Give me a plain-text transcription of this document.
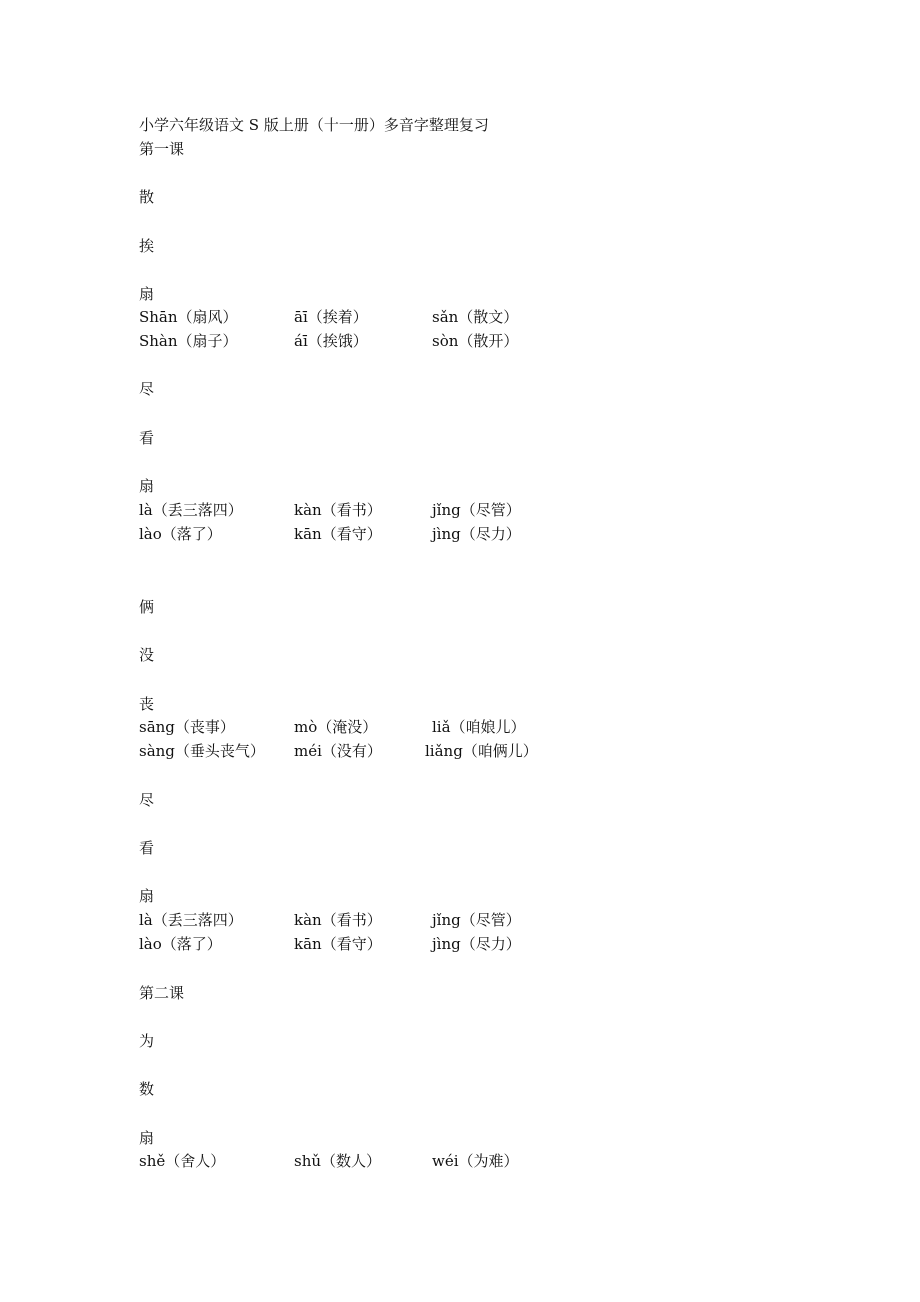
小学六年级语文 S 版上册（十一册）多音字整理复习
第一课
散
挨
扇
Shān（扇风）	āī（挨着）	sǎn（散文）
Shàn（扇子）	áī（挨饿）	sòn（散开）
尽
看
扇
là（丢三落四）	kàn（看书）	jǐng（尽管）
lào（落了）	kān（看守）	jìng（尽力）
俩
没
丧
sāng（丧事）	mò（淹没）	liǎ（咱娘儿）
sàng（垂头丧气） méi（没有）	liǎng（咱俩儿）
尽
看
扇
là（丢三落四）	kàn（看书）	jǐng（尽管）
lào（落了）	kān（看守）	jìng（尽力）
第二课
为
数
扇
shě（舍人）	shǔ（数人）	wéi（为难）
